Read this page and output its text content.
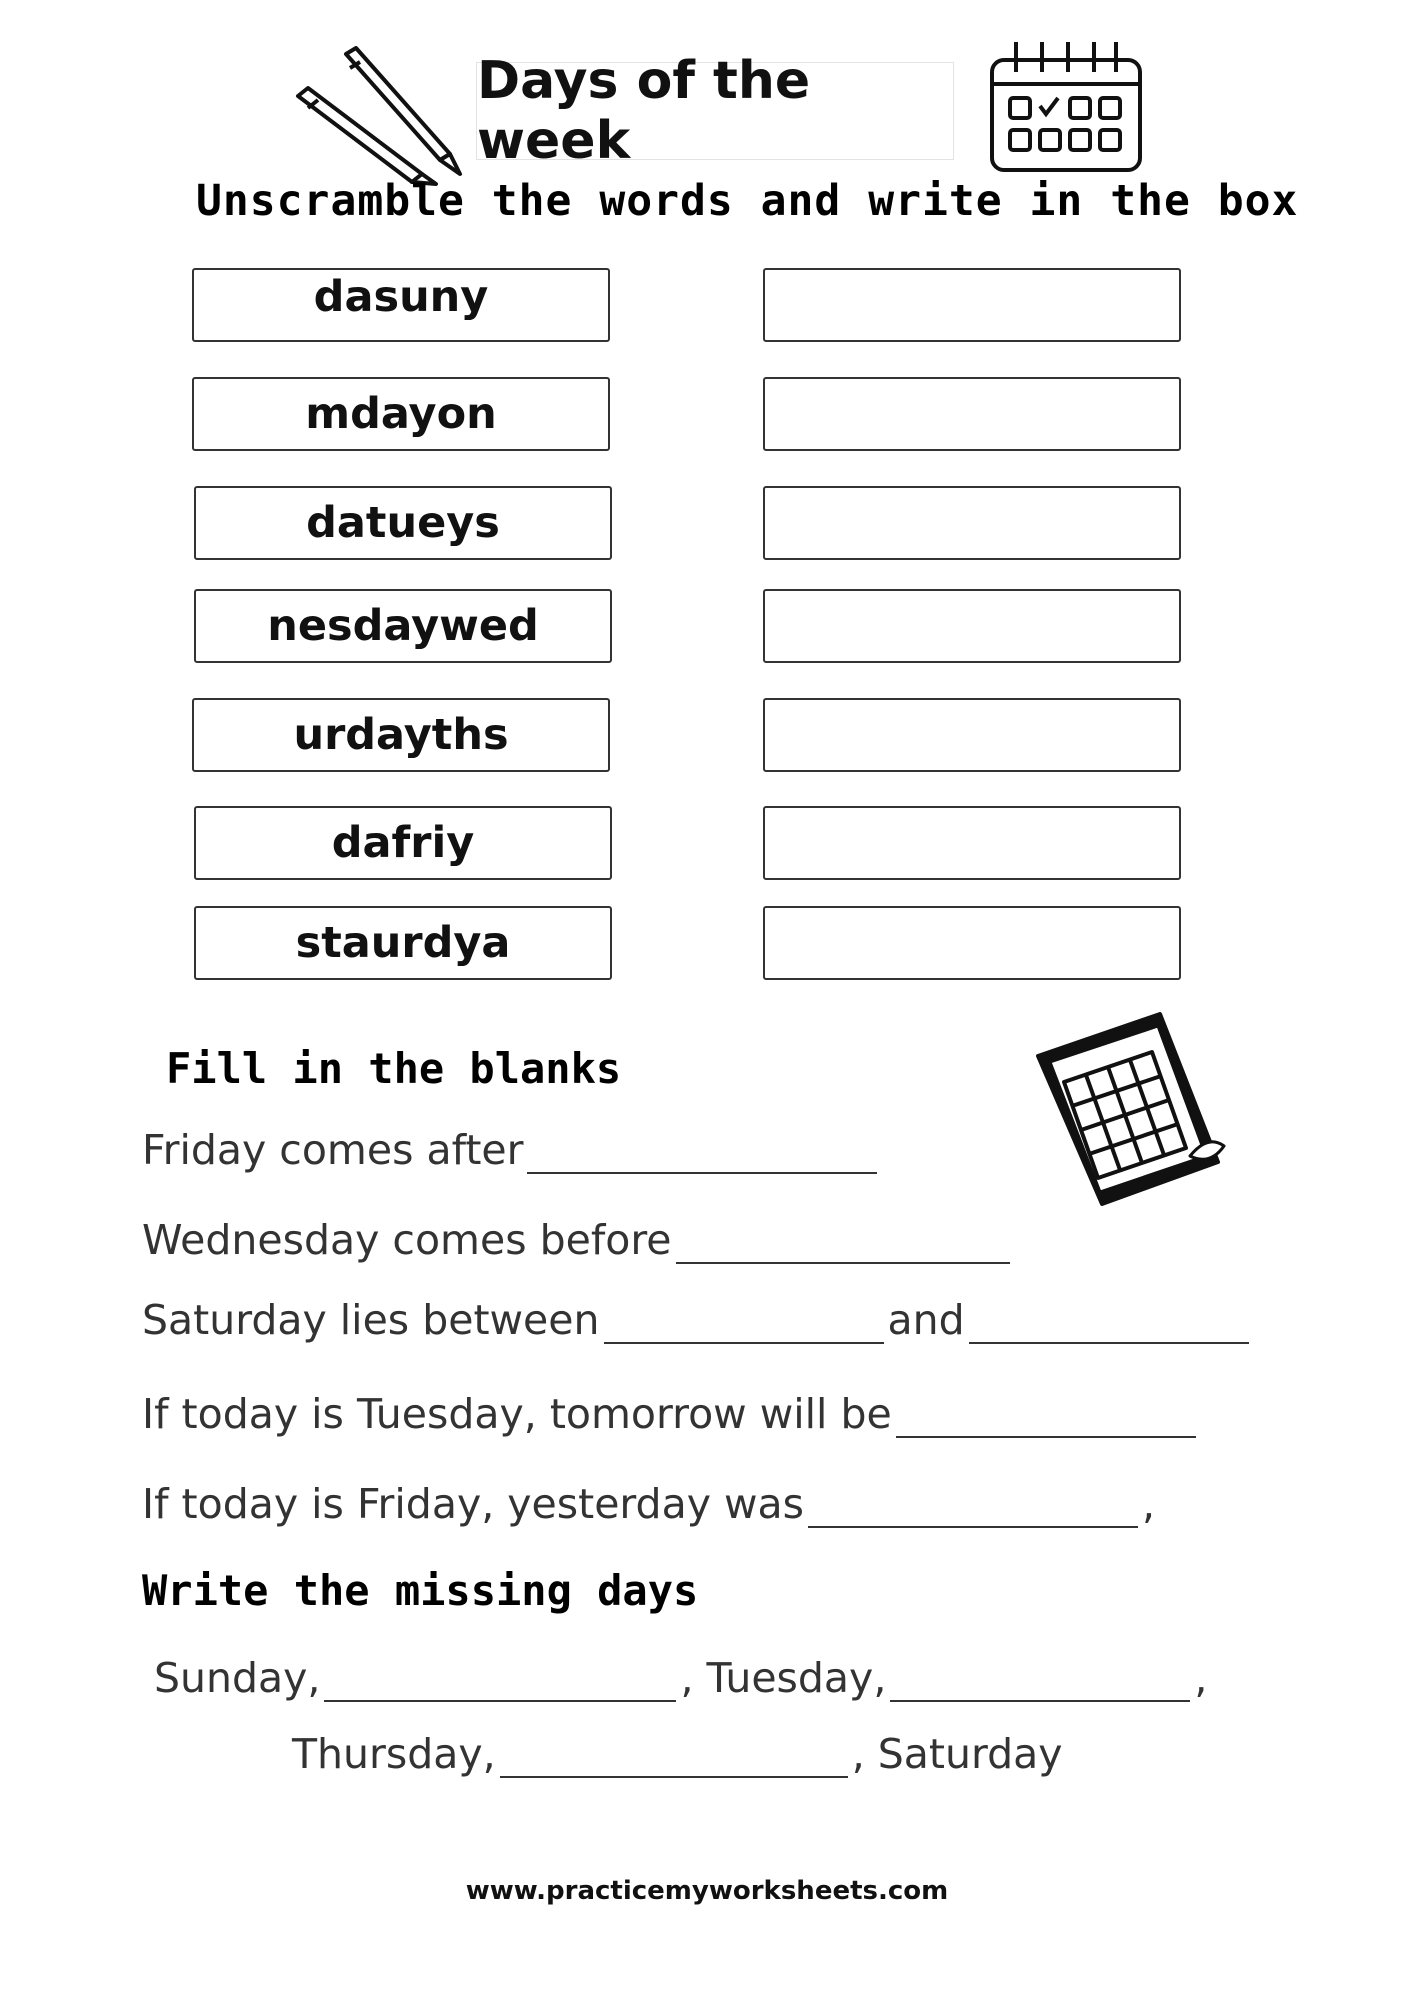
Days of the week
Unscramble the words and write in the box
dasuny
mdayon
datueys
nesdaywed
urdayths
dafriy
staurdya
Fill in the blanks
Friday comes after
Wednesday comes before
Saturday lies between	and
If today is Tuesday, tomorrow will be
If today is Friday, yesterday was	,
Write the missing days
Sunday,	, Tuesday,	,
Thursday,	, Saturday
www.practicemyworksheets.com
